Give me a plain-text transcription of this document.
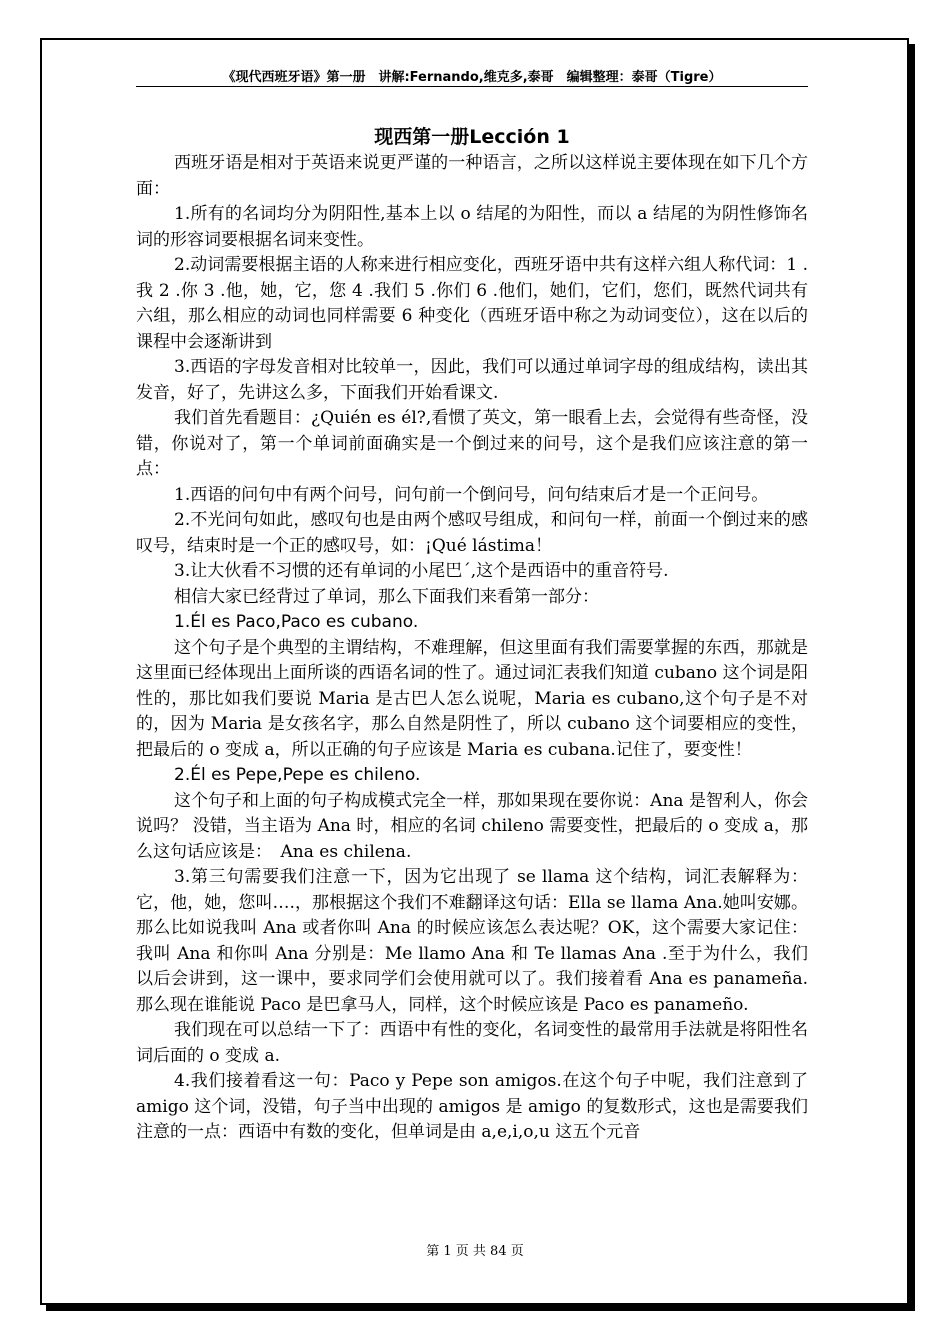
《现代西班牙语》第一册　讲解:Fernando,维克多,泰哥　编辑整理：泰哥（Tigre）
现西第一册Lección 1

西班牙语是相对于英语来说更严谨的一种语言，之所以这样说主要体现在如下几个方面：

1.所有的名词均分为阴阳性,基本上以 o 结尾的为阳性，而以 a 结尾的为阴性修饰名词的形容词要根据名词来变性。

2.动词需要根据主语的人称来进行相应变化，西班牙语中共有这样六组人称代词：1 .我 2 .你 3 .他，她，它，您 4 .我们 5 .你们 6 .他们，她们，它们，您们，既然代词共有六组，那么相应的动词也同样需要 6 种变化（西班牙语中称之为动词变位），这在以后的课程中会逐渐讲到

3.西语的字母发音相对比较单一，因此，我们可以通过单词字母的组成结构，读出其发音，好了，先讲这么多，下面我们开始看课文.

我们首先看题目：¿Quién es él?,看惯了英文，第一眼看上去，会觉得有些奇怪，没错，你说对了，第一个单词前面确实是一个倒过来的问号，这个是我们应该注意的第一点：

1.西语的问句中有两个问号，问句前一个倒问号，问句结束后才是一个正问号。

2.不光问句如此，感叹句也是由两个感叹号组成，和问句一样，前面一个倒过来的感叹号，结束时是一个正的感叹号，如：¡Qué lástima！

3.让大伙看不习惯的还有单词的小尾巴´,这个是西语中的重音符号.

相信大家已经背过了单词，那么下面我们来看第一部分：

1.Él es Paco,Paco es cubano.

这个句子是个典型的主谓结构，不难理解，但这里面有我们需要掌握的东西，那就是这里面已经体现出上面所谈的西语名词的性了。通过词汇表我们知道 cubano 这个词是阳性的，那比如我们要说 Maria 是古巴人怎么说呢，Maria es cubano,这个句子是不对的，因为 Maria 是女孩名字，那么自然是阴性了，所以 cubano 这个词要相应的变性，把最后的 o 变成 a，所以正确的句子应该是 Maria es cubana.记住了，要变性！

2.Él es Pepe,Pepe es chileno.

这个句子和上面的句子构成模式完全一样，那如果现在要你说：Ana 是智利人，你会说吗？ 没错，当主语为 Ana 时，相应的名词 chileno 需要变性，把最后的 o 变成 a，那么这句话应该是：　Ana es chilena.

3.第三句需要我们注意一下，因为它出现了 se llama 这个结构，词汇表解释为：它，他，她，您叫….，那根据这个我们不难翻译这句话：Ella se llama Ana.她叫安娜。那么比如说我叫 Ana 或者你叫 Ana 的时候应该怎么表达呢？OK，这个需要大家记住：我叫 Ana 和你叫 Ana 分别是：Me llamo Ana 和 Te llamas Ana .至于为什么，我们以后会讲到，这一课中，要求同学们会使用就可以了。我们接着看 Ana es panameña.那么现在谁能说 Paco 是巴拿马人，同样，这个时候应该是 Paco es panameño.

我们现在可以总结一下了：西语中有性的变化，名词变性的最常用手法就是将阳性名词后面的 o 变成 a.

4.我们接着看这一句：Paco y Pepe son amigos.在这个句子中呢，我们注意到了 amigo 这个词，没错，句子当中出现的 amigos 是 amigo 的复数形式，这也是需要我们注意的一点：西语中有数的变化，但单词是由 a,e,i,o,u 这五个元音

第 1 页 共 84 页
